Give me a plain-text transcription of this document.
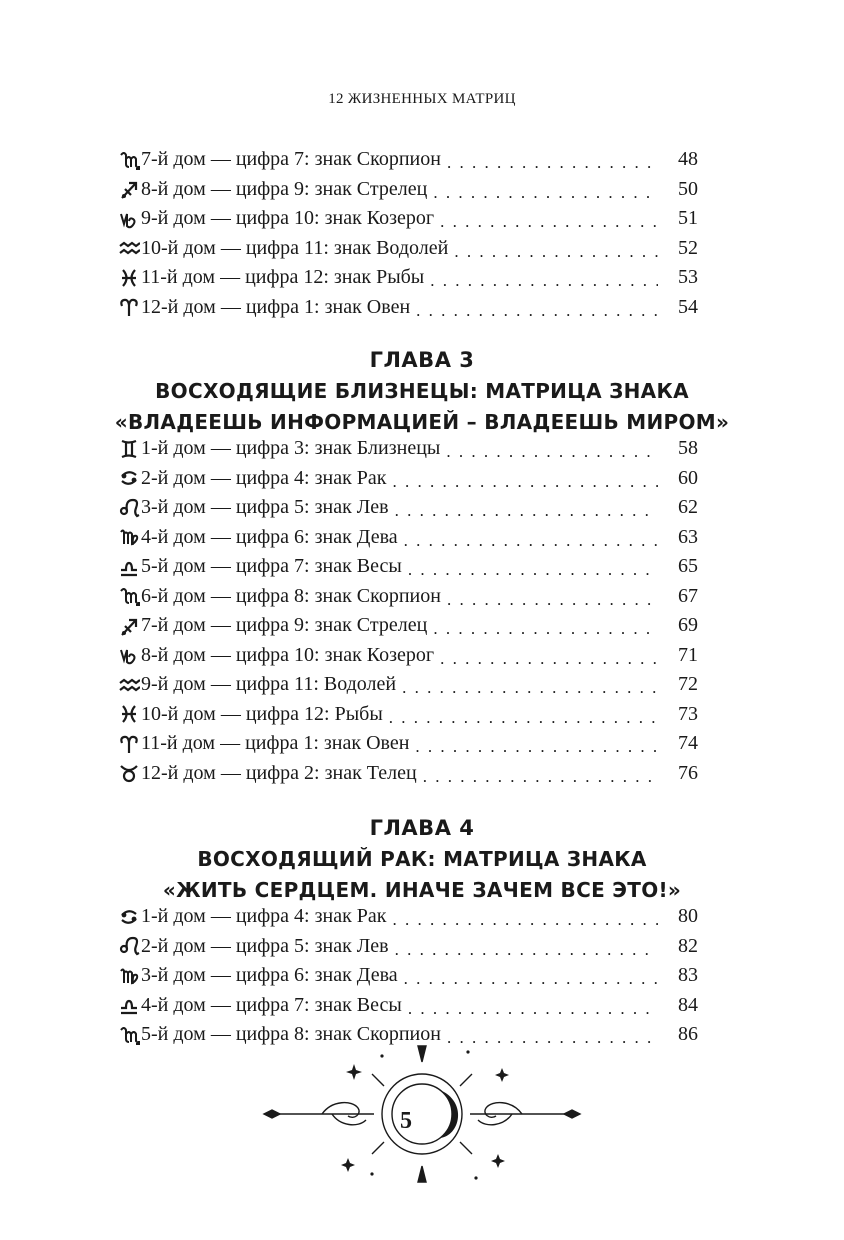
12 ЖИЗНЕННЫХ МАТРИЦ
7-й дом — цифра 7: знак Скорпион . . .	48
8-й дом — цифра 9: знак Стрелец . . .	50
9-й дом — цифра 10: знак Козерог . . .	51
10-й дом — цифра 11: знак Водолей . . .	52
11-й дом — цифра 12: знак Рыбы . . .	53
12-й дом — цифра 1: знак Овен . . .	54
ГЛАВА 3
ВОСХОДЯЩИЕ БЛИЗНЕЦЫ: МАТРИЦА ЗНАКА
«ВЛАДЕЕШЬ ИНФОРМАЦИЕЙ – ВЛАДЕЕШЬ МИРОМ»
1-й дом — цифра 3: знак Близнецы . . .	58
2-й дом — цифра 4: знак Рак . . .	60
3-й дом — цифра 5: знак Лев . . .	62
4-й дом — цифра 6: знак Дева . . .	63
5-й дом — цифра 7: знак Весы . . .	65
6-й дом — цифра 8: знак Скорпион . . .	67
7-й дом — цифра 9: знак Стрелец . . .	69
8-й дом — цифра 10: знак Козерог . . .	71
9-й дом — цифра 11: Водолей . . .	72
10-й дом — цифра 12: Рыбы . . .	73
11-й дом — цифра 1: знак Овен . . .	74
12-й дом — цифра 2: знак Телец . . .	76
ГЛАВА 4
ВОСХОДЯЩИЙ РАК: МАТРИЦА ЗНАКА
«ЖИТЬ СЕРДЦЕМ. ИНАЧЕ ЗАЧЕМ ВСЕ ЭТО!»
1-й дом — цифра 4: знак Рак . . .	80
2-й дом — цифра 5: знак Лев . . .	82
3-й дом — цифра 6: знак Дева . . .	83
4-й дом — цифра 7: знак Весы . . .	84
5-й дом — цифра 8: знак Скорпион . . .	86
5
